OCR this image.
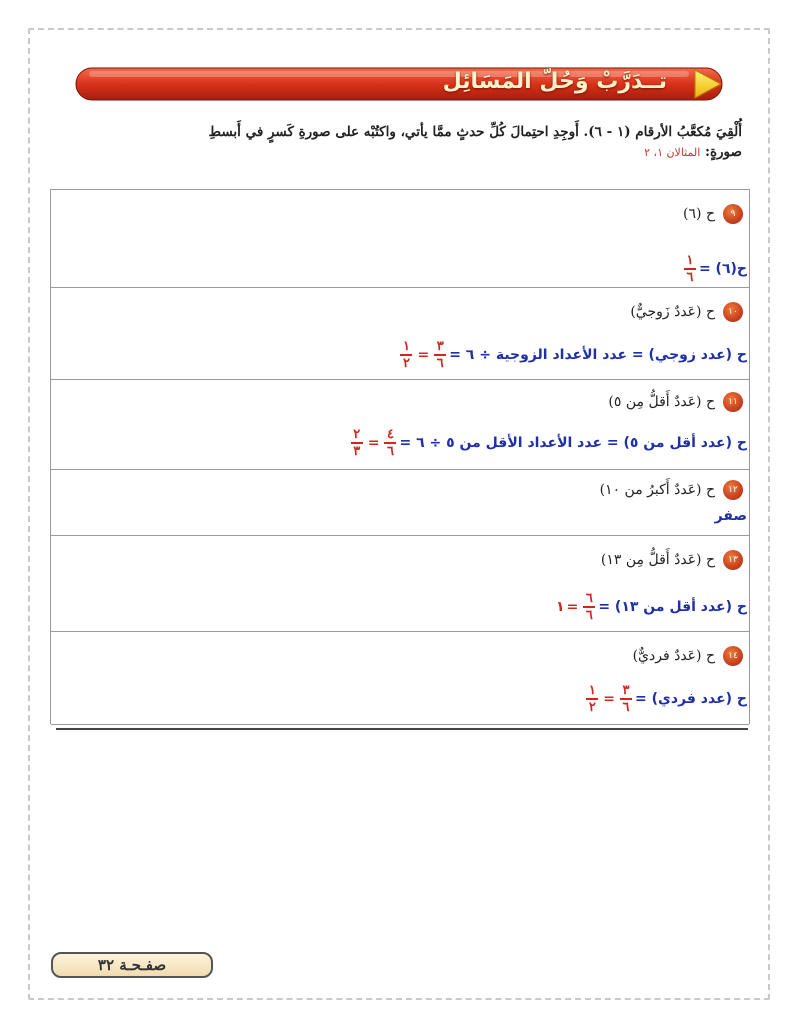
تــدَرَّبْ وَحُلّ المَسَائِل
أُلْقِيَ مُكعَّبُ الأرقام (١ - ٦). أَوجِدِ احتِمالَ كُلِّ حدثٍ ممَّا يأتي، واكتُبْه على صورةِ كَسرٍ في أَبسطِ
صورةٍ: المثالان ١، ٢
٩
ح (٦)
ح(٦) =
$\frac{١}{٦}$
١٠
ح (عَددٌ زَوجيٌّ)
ح (عدد زوجي) = عدد الأعداد الزوجية ÷ ٦ =
$\frac{٣}{٦}$
=
$\frac{١}{٢}$
١١
ح (عَددٌ أَقلُّ مِن ٥)
ح (عدد أقل من ٥) = عدد الأعداد الأقل من ٥ ÷ ٦ =
$\frac{٤}{٦}$
=
$\frac{٢}{٣}$
١٢
ح (عَددٌ أَكبرُ من ١٠)
صفر
١٣
ح (عَددٌ أَقلُّ مِن ١٣)
ح (عدد أقل من ١٣) =
$\frac{٦}{٦}$
=
١
١٤
ح (عَددٌ فرديٌّ)
ح (عدد فردي) =
$\frac{٣}{٦}$
=
$\frac{١}{٢}$
صفـحـة ٣٢
